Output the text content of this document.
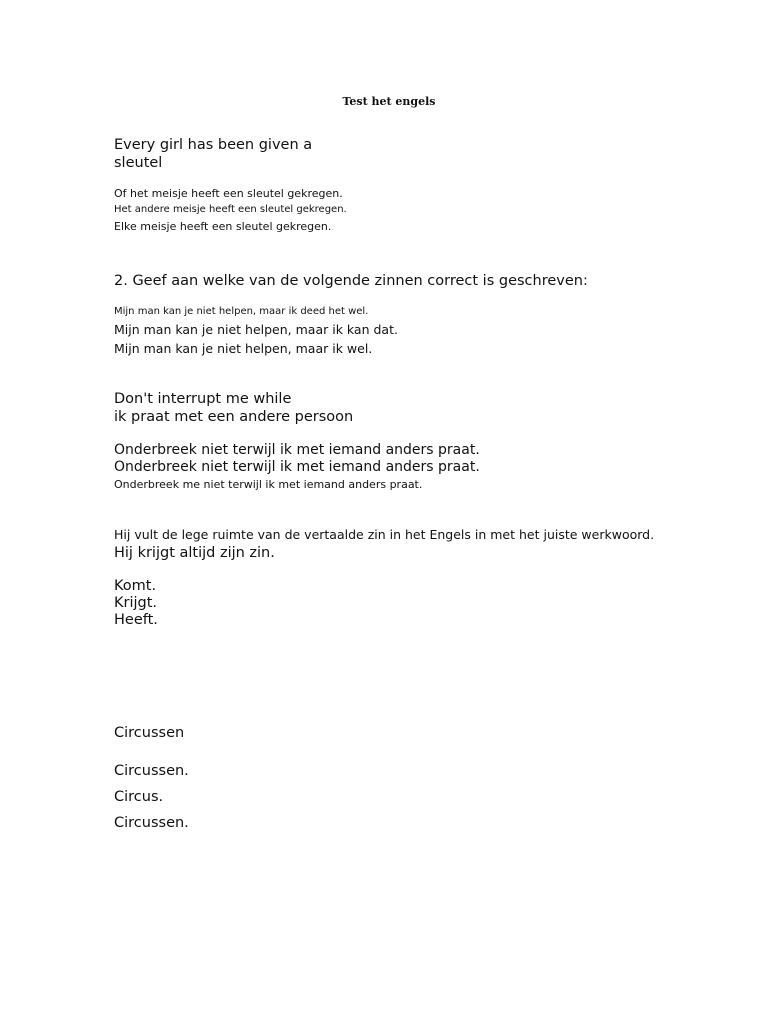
Test het engels
Every girl has been given a
sleutel
Of het meisje heeft een sleutel gekregen.
Het andere meisje heeft een sleutel gekregen.
Elke meisje heeft een sleutel gekregen.
2. Geef aan welke van de volgende zinnen correct is geschreven:
Mijn man kan je niet helpen, maar ik deed het wel.
Mijn man kan je niet helpen, maar ik kan dat.
Mijn man kan je niet helpen, maar ik wel.
Don't interrupt me while
ik praat met een andere persoon
Onderbreek niet terwijl ik met iemand anders praat.
Onderbreek niet terwijl ik met iemand anders praat.
Onderbreek me niet terwijl ik met iemand anders praat.
Hij vult de lege ruimte van de vertaalde zin in het Engels in met het juiste werkwoord.
Hij krijgt altijd zijn zin.
Komt.
Krijgt.
Heeft.
Circussen
Circussen.
Circus.
Circussen.
